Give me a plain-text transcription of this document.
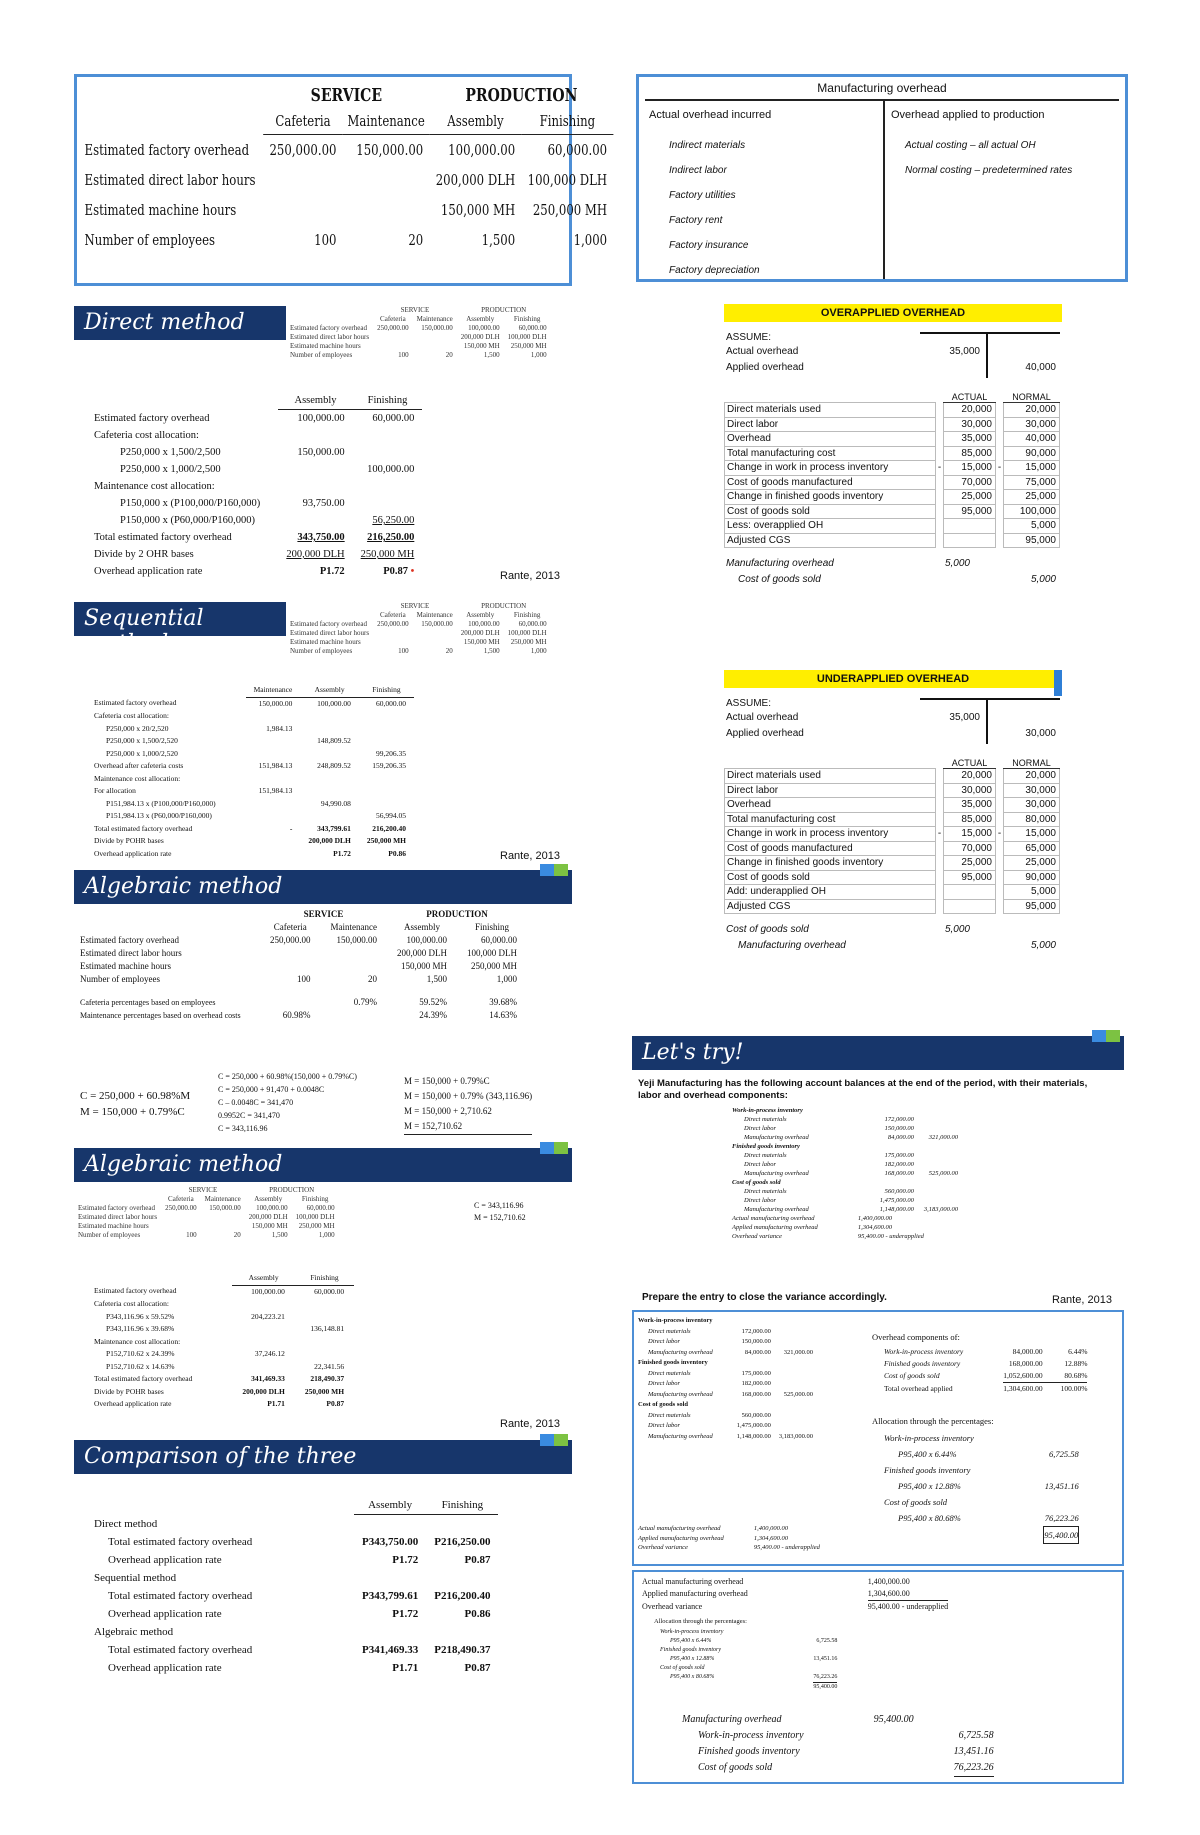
	SERVICE		PRODUCTION	
	Cafeteria	Maintenance	Assembly	Finishing
Estimated factory overhead	250,000.00	150,000.00	100,000.00	60,000.00
Estimated direct labor hours			200,000 DLH	100,000 DLH
Estimated machine hours			150,000 MH	250,000 MH
Number of employees	100	20	1,500	1,000
Direct method
		SERVICE		PRODUCTION	
	Cafeteria	Maintenance	Assembly	Finishing
Estimated factory overhead	250,000.00	150,000.00	100,000.00	60,000.00
Estimated direct labor hours			200,000 DLH	100,000 DLH
Estimated machine hours			150,000 MH	250,000 MH
Number of employees	100	20	1,500	1,000
	Assembly	Finishing
Estimated factory overhead	100,000.00	60,000.00
Cafeteria cost allocation:		
P250,000 x 1,500/2,500	150,000.00	
P250,000 x 1,000/2,500		100,000.00
Maintenance cost allocation:		
P150,000 x (P100,000/P160,000)	93,750.00	
P150,000 x (P60,000/P160,000)		56,250.00
Total estimated factory overhead	343,750.00	216,250.00
Divide by 2 OHR bases	200,000 DLH	250,000 MH
Overhead application rate	P1.72	P0.87 •	Rante, 2013
Sequential method
	SERVICE		PRODUCTION	
	Cafeteria	Maintenance	Assembly	Finishing
Estimated factory overhead	250,000.00	150,000.00	100,000.00	60,000.00
Estimated direct labor hours			200,000 DLH	100,000 DLH
Estimated machine hours			150,000 MH	250,000 MH
Number of employees	100	20	1,500	1,000
	Maintenance	Assembly	Finishing
Estimated factory overhead	150,000.00	100,000.00	60,000.00
Cafeteria cost allocation:			
P250,000 x 20/2,520	1,984.13		
P250,000 x 1,500/2,520		148,809.52	
P250,000 x 1,000/2,520			99,206.35
Overhead after cafeteria costs	151,984.13	248,809.52	159,206.35
Maintenance cost allocation:			
For allocation	151,984.13		
P151,984.13 x (P100,000/P160,000)		94,990.08	
P151,984.13 x (P60,000/P160,000)			56,994.05
Total estimated factory overhead	-	343,799.61	216,200.40
Divide by POHR bases		200,000 DLH	250,000 MH
Overhead application rate		P1.72	P0.86	Rante, 2013
Algebraic method
	SERVICE		PRODUCTION	
	Cafeteria	Maintenance	Assembly	Finishing
Estimated factory overhead	250,000.00	150,000.00	100,000.00	60,000.00
Estimated direct labor hours			200,000 DLH	100,000 DLH
Estimated machine hours			150,000 MH	250,000 MH
Number of employees	100	20	1,500	1,000

Cafeteria percentages based on employees		0.79%	59.52%	39.68%
Maintenance percentages based on overhead costs	60.98%		24.39%	14.63%
C = 250,000 + 60.98%M
M = 150,000 + 0.79%C
C = 250,000 + 60.98%(150,000 + 0.79%C)
C = 250,000 + 91,470 + 0.0048C
C – 0.0048C = 341,470
0.9952C = 341,470
C = 343,116.96
M = 150,000 + 0.79%C
M = 150,000 + 0.79% (343,116.96)
M = 150,000 + 2,710.62
M = 152,710.62
Algebraic method
	SERVICE		PRODUCTION	
	Cafeteria	Maintenance	Assembly	Finishing
Estimated factory overhead	250,000.00	150,000.00	100,000.00	60,000.00
Estimated direct labor hours			200,000 DLH	100,000 DLH
Estimated machine hours			150,000 MH	250,000 MH
Number of employees	100	20	1,500	1,000
C = 343,116.96
M = 152,710.62
	Assembly	Finishing
Estimated factory overhead	100,000.00	60,000.00
Cafeteria cost allocation:		
P343,116.96 x 59.52%	204,223.21	
P343,116.96 x 39.68%		136,148.81
Maintenance cost allocation:		
P152,710.62 x 24.39%	37,246.12	
P152,710.62 x 14.63%		22,341.56
Total estimated factory overhead	341,469.33	218,490.37
Divide by POHR bases	200,000 DLH	250,000 MH
Overhead application rate	P1.71	P0.87
Rante, 2013
Comparison of the three
	Assembly	Finishing
Direct method		
Total estimated factory overhead	P343,750.00	P216,250.00
Overhead application rate	P1.72	P0.87
Sequential method		
Total estimated factory overhead	P343,799.61	P216,200.40
Overhead application rate	P1.72	P0.86
Algebraic method		
Total estimated factory overhead	P341,469.33	P218,490.37
Overhead application rate	P1.71	P0.87
Manufacturing overhead
Actual overhead incurred
Indirect materials
Indirect labor
Factory utilities
Factory rent
Factory insurance
Factory depreciation
Overhead applied to production
Actual costing – all actual OH
Normal costing – predetermined rates
OVERAPPLIED OVERHEAD
ASSUME:
Actual overhead	35,000
Applied overhead	40,000
		ACTUAL		NORMAL
Direct materials used		20,000		20,000
Direct labor		30,000		30,000
Overhead		35,000		40,000
Total manufacturing cost		85,000		90,000
Change in work in process inventory	-	15,000	-	15,000
Cost of goods manufactured		70,000		75,000
Change in finished goods inventory		25,000		25,000
Cost of goods sold		95,000		100,000
Less: overapplied OH				5,000
Adjusted CGS				95,000
Manufacturing overhead	5,000
Cost of goods sold	5,000
UNDERAPPLIED OVERHEAD
ASSUME:
Actual overhead	35,000
Applied overhead	30,000
		ACTUAL		NORMAL
Direct materials used		20,000		20,000
Direct labor		30,000		30,000
Overhead		35,000		30,000
Total manufacturing cost		85,000		80,000
Change in work in process inventory	-	15,000	-	15,000
Cost of goods manufactured		70,000		65,000
Change in finished goods inventory		25,000		25,000
Cost of goods sold		95,000		90,000
Add: underapplied OH				5,000
Adjusted CGS				95,000
Cost of goods sold	5,000
Manufacturing overhead	5,000
Let's try!
Yeji Manufacturing has the following account balances at the end of the period, with their materials, labor and overhead components:
Work-in-process inventory		
Direct materials	172,000.00	
Direct labor	150,000.00	
Manufacturing overhead	84,000.00	321,000.00
Finished goods inventory		
Direct materials	175,000.00	
Direct labor	182,000.00	
Manufacturing overhead	168,000.00	525,000.00
Cost of goods sold		
Direct materials	560,000.00	
Direct labor	1,475,000.00	
Manufacturing overhead	1,148,000.00	3,183,000.00
Actual manufacturing overhead	1,400,000.00	
Applied manufacturing overhead	1,304,600.00	
Overhead variance	95,400.00 - underapplied	
Prepare the entry to close the variance accordingly.	Rante, 2013
Work-in-process inventory		
Direct materials	172,000.00	
Direct labor	150,000.00	
Manufacturing overhead	84,000.00	321,000.00
Finished goods inventory		
Direct materials	175,000.00	
Direct labor	182,000.00	
Manufacturing overhead	168,000.00	525,000.00
Cost of goods sold		
Direct materials	560,000.00	
Direct labor	1,475,000.00	
Manufacturing overhead	1,148,000.00	3,183,000.00
Overhead components of:
Work-in-process inventory	84,000.00	6.44%
Finished goods inventory	168,000.00	12.88%
Cost of goods sold	1,052,600.00	80.68%
Total overhead applied	1,304,600.00	100.00%
Allocation through the percentages:
Work-in-process inventory	
P95,400 x 6.44%	6,725.58
Finished goods inventory	
P95,400 x 12.88%	13,451.16
Cost of goods sold	
P95,400 x 80.68%	76,223.26
	95,400.00
Actual manufacturing overhead	1,400,000.00
Applied manufacturing overhead	1,304,600.00
Overhead variance	95,400.00 - underapplied
Actual manufacturing overhead	1,400,000.00
Applied manufacturing overhead	1,304,600.00
Overhead variance	95,400.00 - underapplied
Allocation through the percentages:
Work-in-process inventory	
P95,400 x 6.44%	6,725.58
Finished goods inventory	
P95,400 x 12.88%	13,451.16
Cost of goods sold	
P95,400 x 80.68%	76,223.26
	95,400.00
Manufacturing overhead	95,400.00	
Work-in-process inventory		6,725.58
Finished goods inventory		13,451.16
Cost of goods sold		76,223.26
